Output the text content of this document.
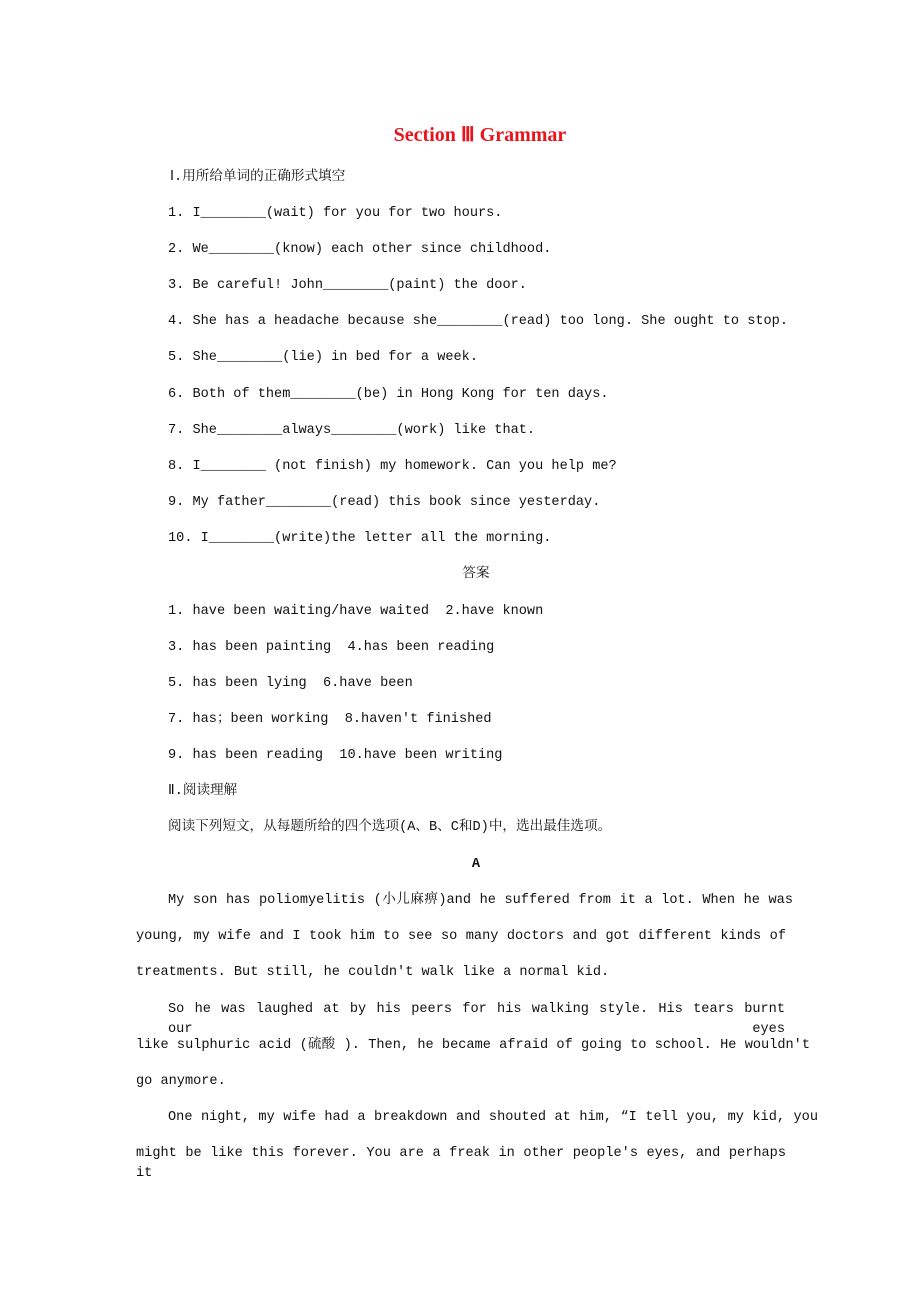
Section Ⅲ Grammar
Ⅰ.用所给单词的正确形式填空
1. I________(wait) for you for two hours.
2. We________(know) each other since childhood.
3. Be careful! John________(paint) the door.
4. She has a headache because she________(read) too long. She ought to stop.
5. She________(lie) in bed for a week.
6. Both of them________(be) in Hong Kong for ten days.
7. She________always________(work) like that.
8. I________ (not finish) my homework. Can you help me?
9. My father________(read) this book since yesterday.
10. I________(write)the letter all the morning.
答案
1. have been waiting/have waited  2.have known
3. has been painting  4.has been reading
5. has been lying  6.have been
7. has；been working  8.haven't finished
9. has been reading  10.have been writing
Ⅱ.阅读理解
阅读下列短文，从每题所给的四个选项(A、B、C和D)中，选出最佳选项。
A
My son has poliomyelitis (小儿麻痹)and he suffered from it a lot. When he was
young, my wife and I took him to see so many doctors and got different kinds of
treatments. But still, he couldn't walk like a normal kid.
So he was laughed at by his peers for his walking style. His tears burnt our eyes
like sulphuric acid (硫酸 ). Then, he became afraid of going to school. He wouldn't
go anymore.
One night, my wife had a breakdown and shouted at him, “I tell you, my kid, you
might be like this forever. You are a freak in other people's eyes, and perhaps it
